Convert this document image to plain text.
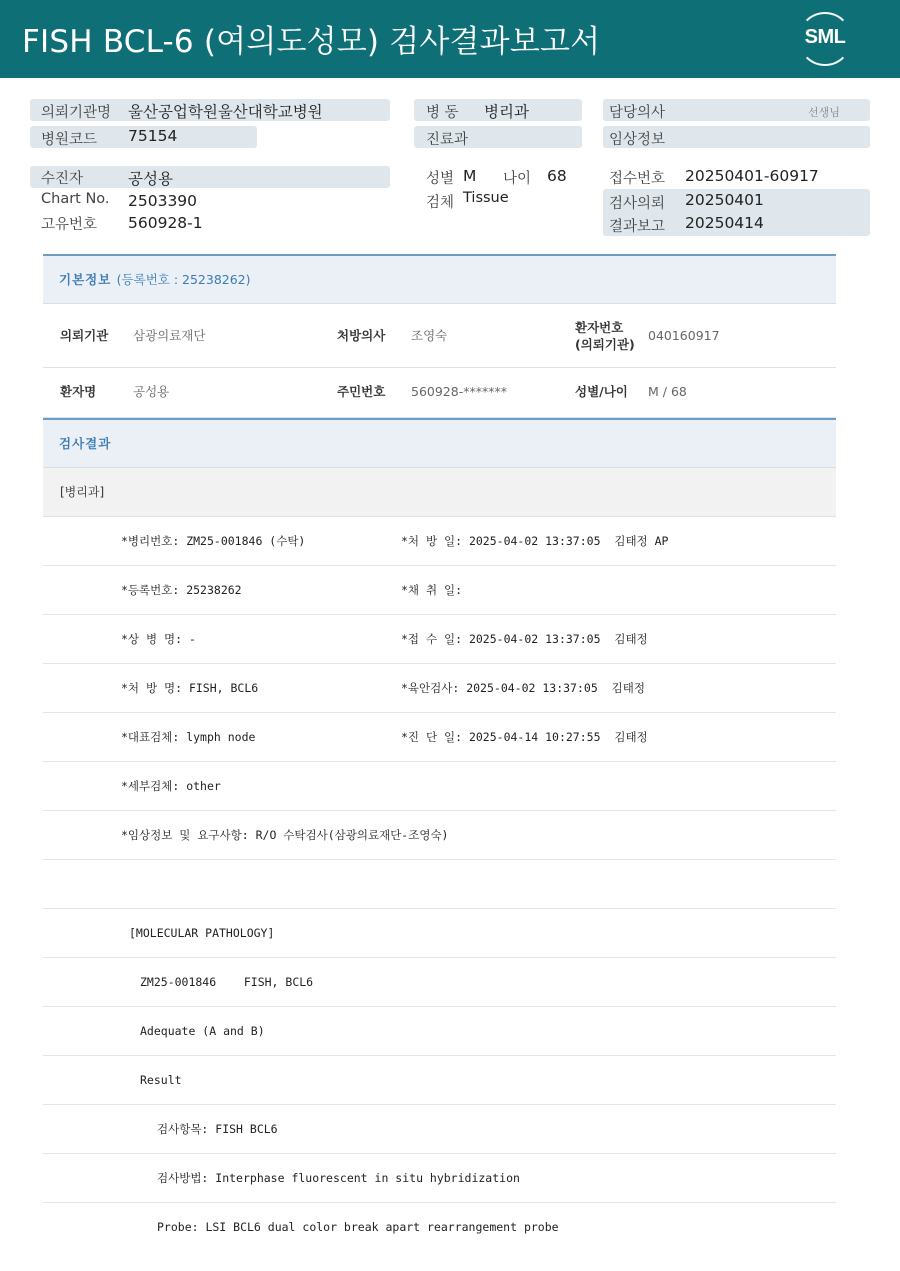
FISH BCL-6 (여의도성모) 검사결과보고서	SML
의뢰기관명 울산공업학원울산대학교병원
병원코드 75154
병 동 병리과
진료과
담당의사	선생님
임상정보
수진자	공성용
Chart No. 2503390
고유번호 560928-1
성별 M 나이 68
검체 Tissue
접수번호 20250401-60917
검사의뢰 20250401
결과보고 20250414
기본정보 (등록번호 : 25238262)
의뢰기관 삼광의료재단	처방의사 조영숙
환자번호
(의뢰기관)
040160917
환자명	공성용	주민번호 560928-*******	성별/나이 M / 68
검사결과
[병리과]
*병리번호: ZM25-001846 (수탁)	*처 방 일: 2025-04-02 13:37:05  김태정 AP
*등록번호: 25238262	*채 취 일:
*상 병 명: -	*접 수 일: 2025-04-02 13:37:05  김태정
*처 방 명: FISH, BCL6	*육안검사: 2025-04-02 13:37:05  김태정
*대표검체: lymph node	*진 단 일: 2025-04-14 10:27:55  김태정
*세부검체: other
*임상정보 및 요구사항: R/O 수탁검사(삼광의료재단-조영숙)
[MOLECULAR PATHOLOGY]
ZM25-001846    FISH, BCL6
Adequate (A and B)
Result
검사항목: FISH BCL6
검사방법: Interphase fluorescent in situ hybridization
Probe: LSI BCL6 dual color break apart rearrangement probe
